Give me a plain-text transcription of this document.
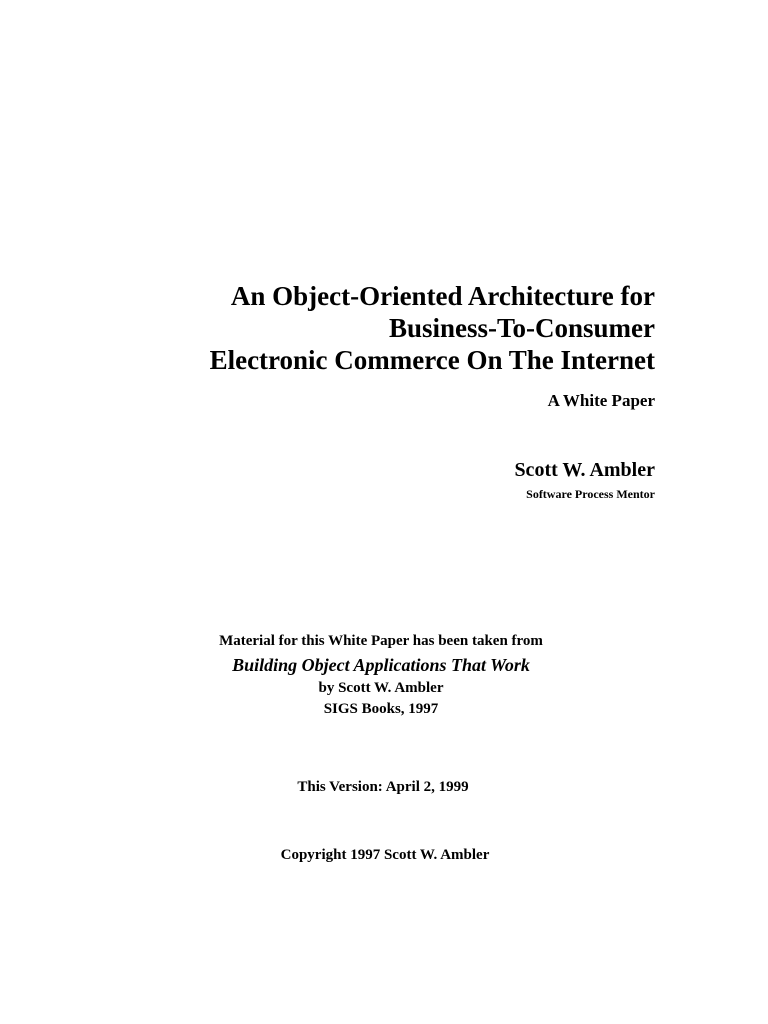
An Object-Oriented Architecture for
Business-To-Consumer
Electronic Commerce On The Internet
A White Paper
Scott W. Ambler
Software Process Mentor
Material for this White Paper has been taken from
Building Object Applications That Work
by Scott W. Ambler
SIGS Books, 1997
This Version: April 2, 1999
Copyright 1997 Scott W. Ambler
